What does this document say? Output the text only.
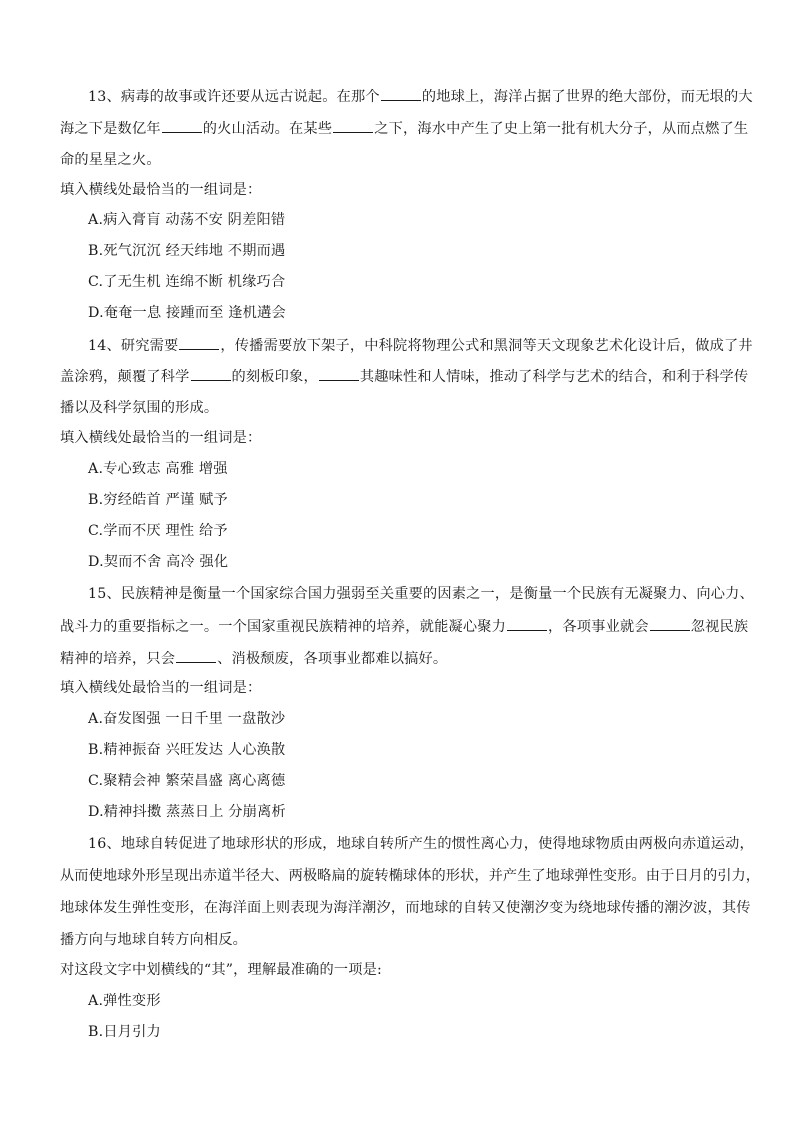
13、病毒的故事或许还要从远古说起。在那个	的地球上，海洋占据了世界的绝大部份，而无垠的大
海之下是数亿年	的火山活动。在某些	之下，海水中产生了史上第一批有机大分子，从而点燃了生
命的星星之火。
填入横线处最恰当的一组词是：
A.病入膏肓 动荡不安 阴差阳错
B.死气沉沉 经天纬地 不期而遇
C.了无生机 连绵不断 机缘巧合
D.奄奄一息 接踵而至 逢机遘会
14、研究需要	，传播需要放下架子，中科院将物理公式和黑洞等天文现象艺术化设计后，做成了井
盖涂鸦，颠覆了科学	的刻板印象，	其趣味性和人情味，推动了科学与艺术的结合，和利于科学传
播以及科学氛围的形成。
填入横线处最恰当的一组词是：
A.专心致志 高雅 增强
B.穷经皓首 严谨 赋予
C.学而不厌 理性 给予
D.契而不舍 高冷 强化
15、民族精神是衡量一个国家综合国力强弱至关重要的因素之一，是衡量一个民族有无凝聚力、向心力、
战斗力的重要指标之一。一个国家重视民族精神的培养，就能凝心聚力	，各项事业就会	忽视民族
精神的培养，只会	、消极颓废，各项事业都难以搞好。
填入横线处最恰当的一组词是：
A.奋发图强 一日千里 一盘散沙
B.精神振奋 兴旺发达 人心涣散
C.聚精会神 繁荣昌盛 离心离德
D.精神抖擞 蒸蒸日上 分崩离析
16、地球自转促进了地球形状的形成，地球自转所产生的惯性离心力，使得地球物质由两极向赤道运动，
从而使地球外形呈现出赤道半径大、两极略扁的旋转椭球体的形状，并产生了地球弹性变形。由于日月的引力，
地球体发生弹性变形，在海洋面上则表现为海洋潮汐，而地球的自转又使潮汐变为绕地球传播的潮汐波，其传
播方向与地球自转方向相反。
对这段文字中划横线的“其”，理解最准确的一项是:
A.弹性变形
B.日月引力
